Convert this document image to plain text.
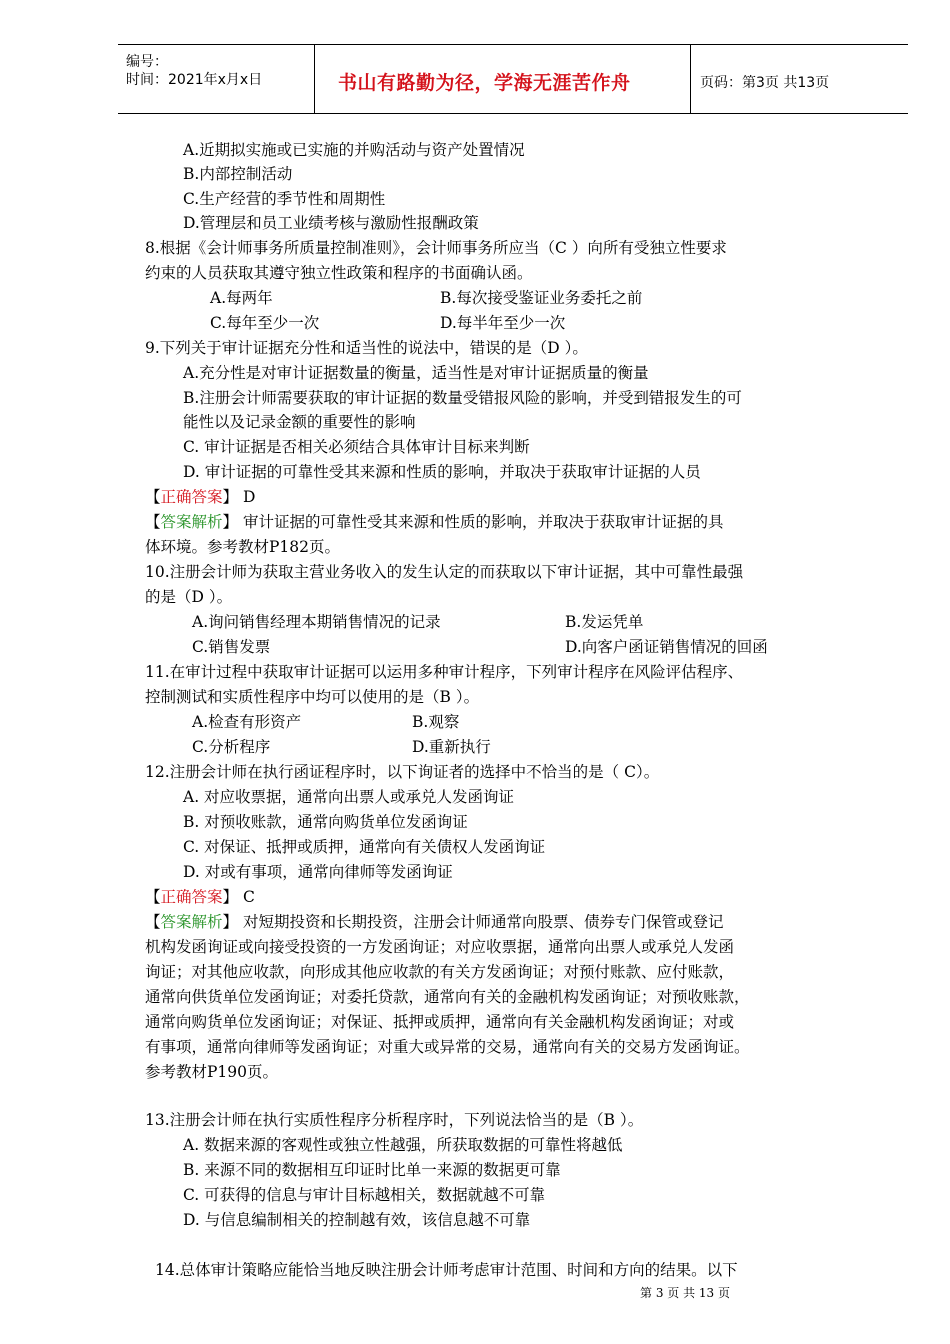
编号：
时间：2021年x月x日	书山有路勤为径，学海无涯苦作舟	页码：第3页 共13页
A.近期拟实施或已实施的并购活动与资产处置情况
B.内部控制活动
C.生产经营的季节性和周期性
D.管理层和员工业绩考核与激励性报酬政策
8.根据《会计师事务所质量控制准则》，会计师事务所应当（C ）向所有受独立性要求
约束的人员获取其遵守独立性政策和程序的书面确认函。
A.每两年	B.每次接受鉴证业务委托之前
C.每年至少一次	D.每半年至少一次
9.下列关于审计证据充分性和适当性的说法中，错误的是（D ）。
A.充分性是对审计证据数量的衡量，适当性是对审计证据质量的衡量
B.注册会计师需要获取的审计证据的数量受错报风险的影响，并受到错报发生的可
能性以及记录金额的重要性的影响
C. 审计证据是否相关必须结合具体审计目标来判断
D. 审计证据的可靠性受其来源和性质的影响，并取决于获取审计证据的人员
【正确答案】 D
【答案解析】 审计证据的可靠性受其来源和性质的影响，并取决于获取审计证据的具
体环境。参考教材P182页。
10.注册会计师为获取主营业务收入的发生认定的而获取以下审计证据，其中可靠性最强
的是（D ）。
A.询问销售经理本期销售情况的记录	B.发运凭单
C.销售发票	D.向客户函证销售情况的回函
11.在审计过程中获取审计证据可以运用多种审计程序，下列审计程序在风险评估程序、
控制测试和实质性程序中均可以使用的是（B ）。
A.检查有形资产	B.观察
C.分析程序	D.重新执行
12.注册会计师在执行函证程序时，以下询证者的选择中不恰当的是（ C）。
A. 对应收票据，通常向出票人或承兑人发函询证
B. 对预收账款，通常向购货单位发函询证
C. 对保证、抵押或质押，通常向有关债权人发函询证
D. 对或有事项，通常向律师等发函询证
【正确答案】 C
【答案解析】 对短期投资和长期投资，注册会计师通常向股票、债券专门保管或登记
机构发函询证或向接受投资的一方发函询证；对应收票据，通常向出票人或承兑人发函
询证；对其他应收款，向形成其他应收款的有关方发函询证；对预付账款、应付账款，
通常向供货单位发函询证；对委托贷款，通常向有关的金融机构发函询证；对预收账款，
通常向购货单位发函询证；对保证、抵押或质押，通常向有关金融机构发函询证；对或
有事项，通常向律师等发函询证；对重大或异常的交易，通常向有关的交易方发函询证。
参考教材P190页。
13.注册会计师在执行实质性程序分析程序时，下列说法恰当的是（B ）。
A. 数据来源的客观性或独立性越强，所获取数据的可靠性将越低
B. 来源不同的数据相互印证时比单一来源的数据更可靠
C. 可获得的信息与审计目标越相关，数据就越不可靠
D. 与信息编制相关的控制越有效，该信息越不可靠
14.总体审计策略应能恰当地反映注册会计师考虑审计范围、时间和方向的结果。以下
第 3 页 共 13 页
